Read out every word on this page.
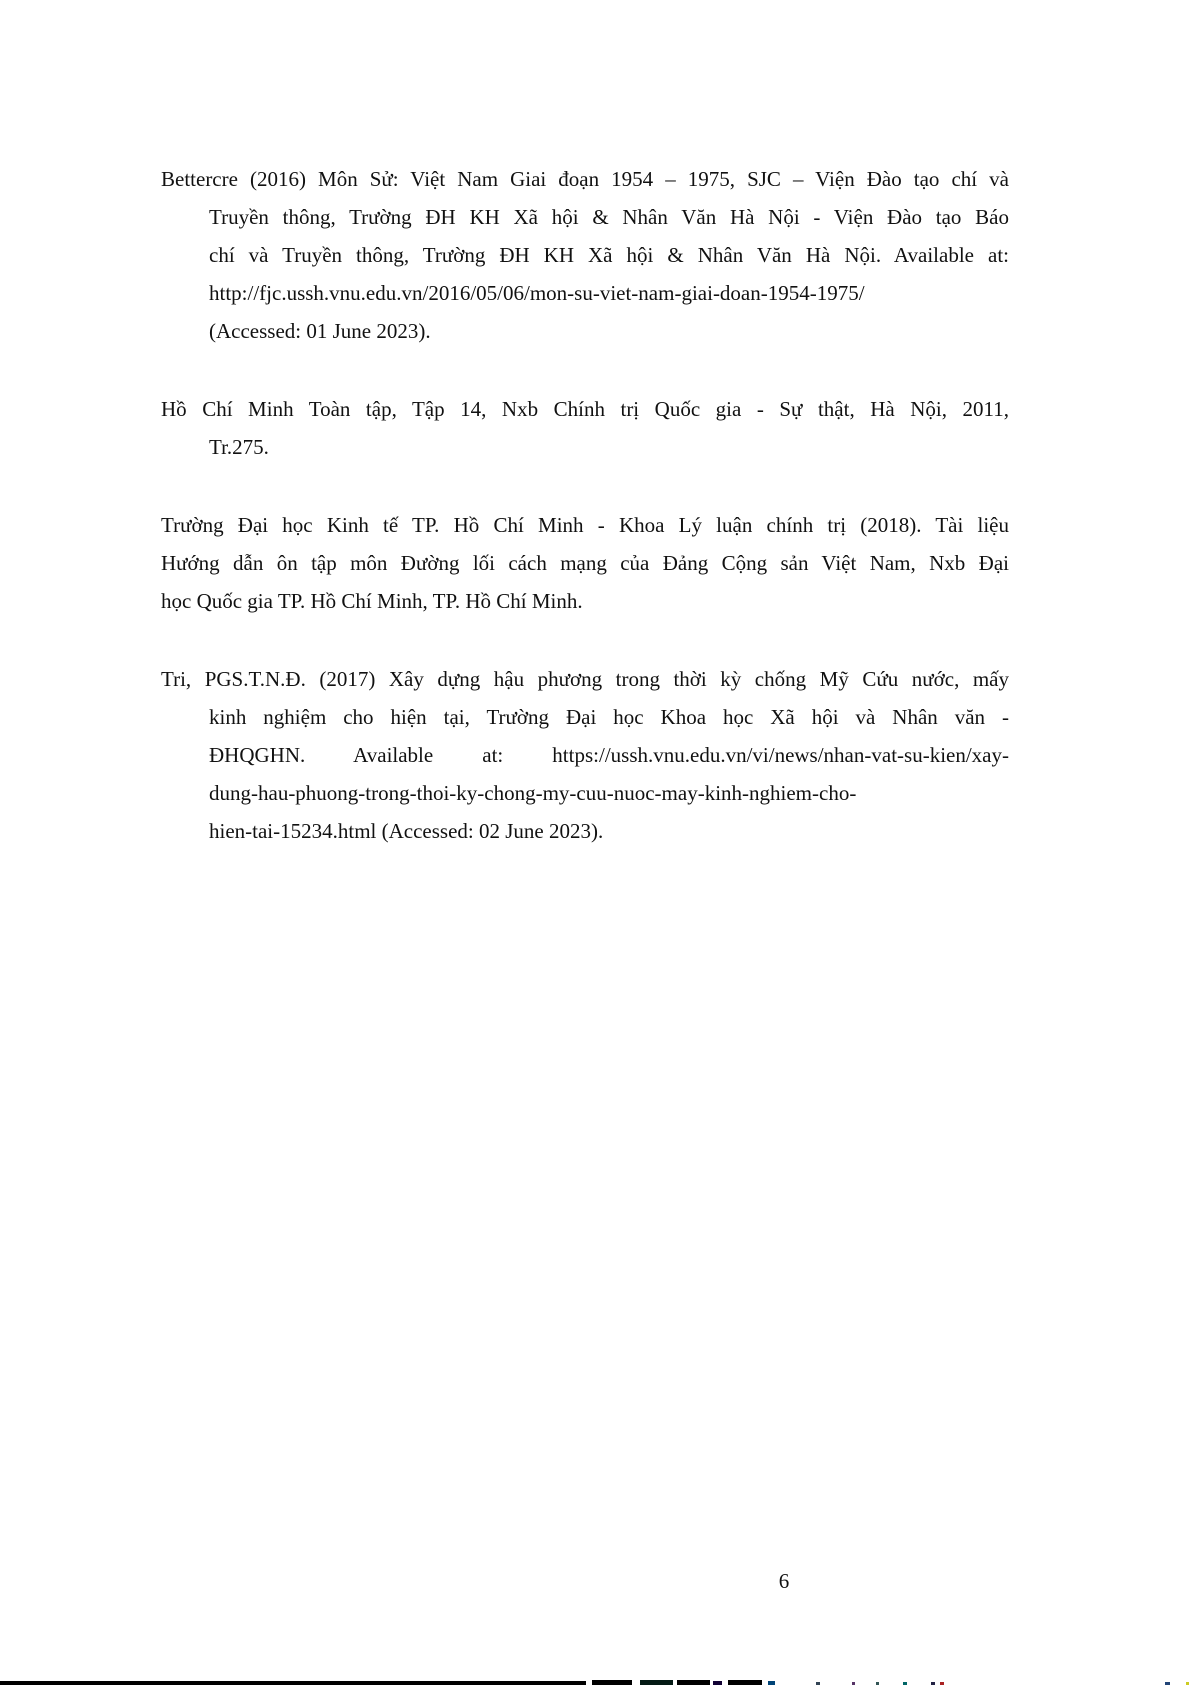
Bettercre (2016) Môn Sử: Việt Nam Giai đoạn 1954 – 1975, SJC – Viện Đào tạo chí và
Truyền thông, Trường ĐH KH Xã hội & Nhân Văn Hà Nội - Viện Đào tạo Báo
chí và Truyền thông, Trường ĐH KH Xã hội & Nhân Văn Hà Nội. Available at:
http://fjc.ussh.vnu.edu.vn/2016/05/06/mon-su-viet-nam-giai-doan-1954-1975/
(Accessed: 01 June 2023).
Hồ Chí Minh Toàn tập, Tập 14, Nxb Chính trị Quốc gia - Sự thật, Hà Nội, 2011,
Tr.275.
Trường Đại học Kinh tế TP. Hồ Chí Minh - Khoa Lý luận chính trị (2018). Tài liệu
Hướng dẫn ôn tập môn Đường lối cách mạng của Đảng Cộng sản Việt Nam, Nxb Đại
học Quốc gia TP. Hồ Chí Minh, TP. Hồ Chí Minh.
Tri, PGS.T.N.Đ. (2017) Xây dựng hậu phương trong thời kỳ chống Mỹ Cứu nước, mấy
kinh nghiệm cho hiện tại, Trường Đại học Khoa học Xã hội và Nhân văn -
ĐHQGHN. Available at: https://ussh.vnu.edu.vn/vi/news/nhan-vat-su-kien/xay-
dung-hau-phuong-trong-thoi-ky-chong-my-cuu-nuoc-may-kinh-nghiem-cho-
hien-tai-15234.html (Accessed: 02 June 2023).
6
